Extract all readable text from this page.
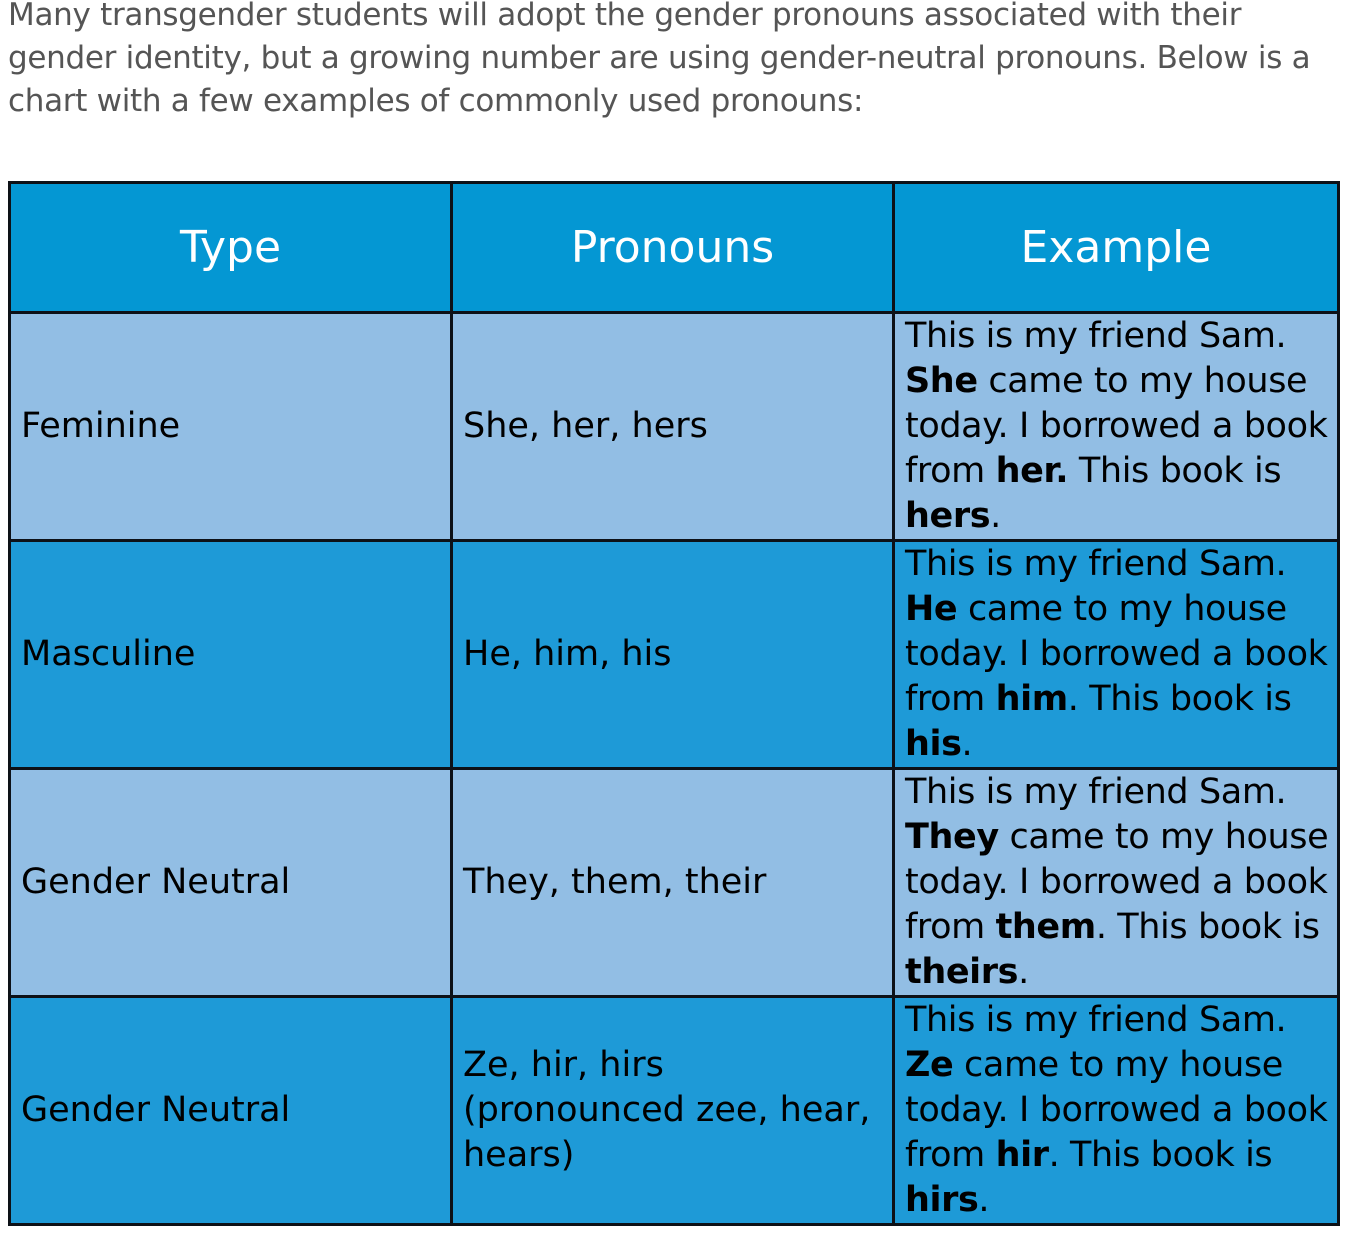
Many transgender students will adopt the gender pronouns associated with their gender identity, but a growing number are using gender-neutral pronouns. Below is a chart with a few examples of commonly used pronouns:

Type	Pronouns	Example
Feminine	She, her, hers	This is my friend Sam.
She came to my house today. I borrowed a book from her. This book is hers.
Masculine	He, him, his	This is my friend Sam.
He came to my house today. I borrowed a book from him. This book is his.
Gender Neutral	They, them, their	This is my friend Sam.
They came to my house today. I borrowed a book from them. This book is theirs.
Gender Neutral	Ze, hir, hirs (pronounced zee, hear, hears)	This is my friend Sam.
Ze came to my house today. I borrowed a book from hir. This book is hirs.
